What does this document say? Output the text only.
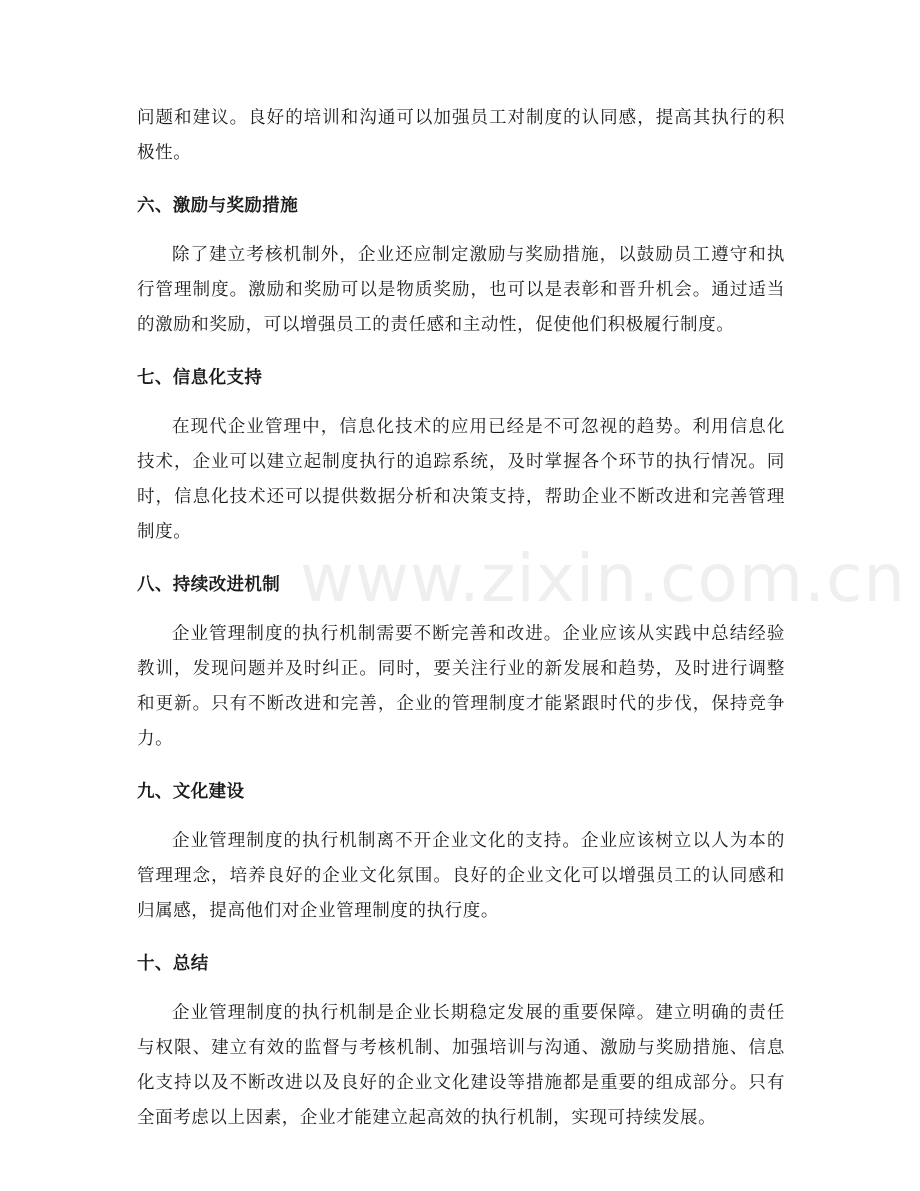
问题和建议。良好的培训和沟通可以加强员工对制度的认同感，提高其执行的积极性。

六、激励与奖励措施

除了建立考核机制外，企业还应制定激励与奖励措施，以鼓励员工遵守和执行管理制度。激励和奖励可以是物质奖励，也可以是表彰和晋升机会。通过适当的激励和奖励，可以增强员工的责任感和主动性，促使他们积极履行制度。

七、信息化支持

在现代企业管理中，信息化技术的应用已经是不可忽视的趋势。利用信息化技术，企业可以建立起制度执行的追踪系统，及时掌握各个环节的执行情况。同时，信息化技术还可以提供数据分析和决策支持，帮助企业不断改进和完善管理制度。

八、持续改进机制

企业管理制度的执行机制需要不断完善和改进。企业应该从实践中总结经验教训，发现问题并及时纠正。同时，要关注行业的新发展和趋势，及时进行调整和更新。只有不断改进和完善，企业的管理制度才能紧跟时代的步伐，保持竞争力。

九、文化建设

企业管理制度的执行机制离不开企业文化的支持。企业应该树立以人为本的管理理念，培养良好的企业文化氛围。良好的企业文化可以增强员工的认同感和归属感，提高他们对企业管理制度的执行度。

十、总结

企业管理制度的执行机制是企业长期稳定发展的重要保障。建立明确的责任与权限、建立有效的监督与考核机制、加强培训与沟通、激励与奖励措施、信息化支持以及不断改进以及良好的企业文化建设等措施都是重要的组成部分。只有全面考虑以上因素，企业才能建立起高效的执行机制，实现可持续发展。

www.zixin.com.cn
